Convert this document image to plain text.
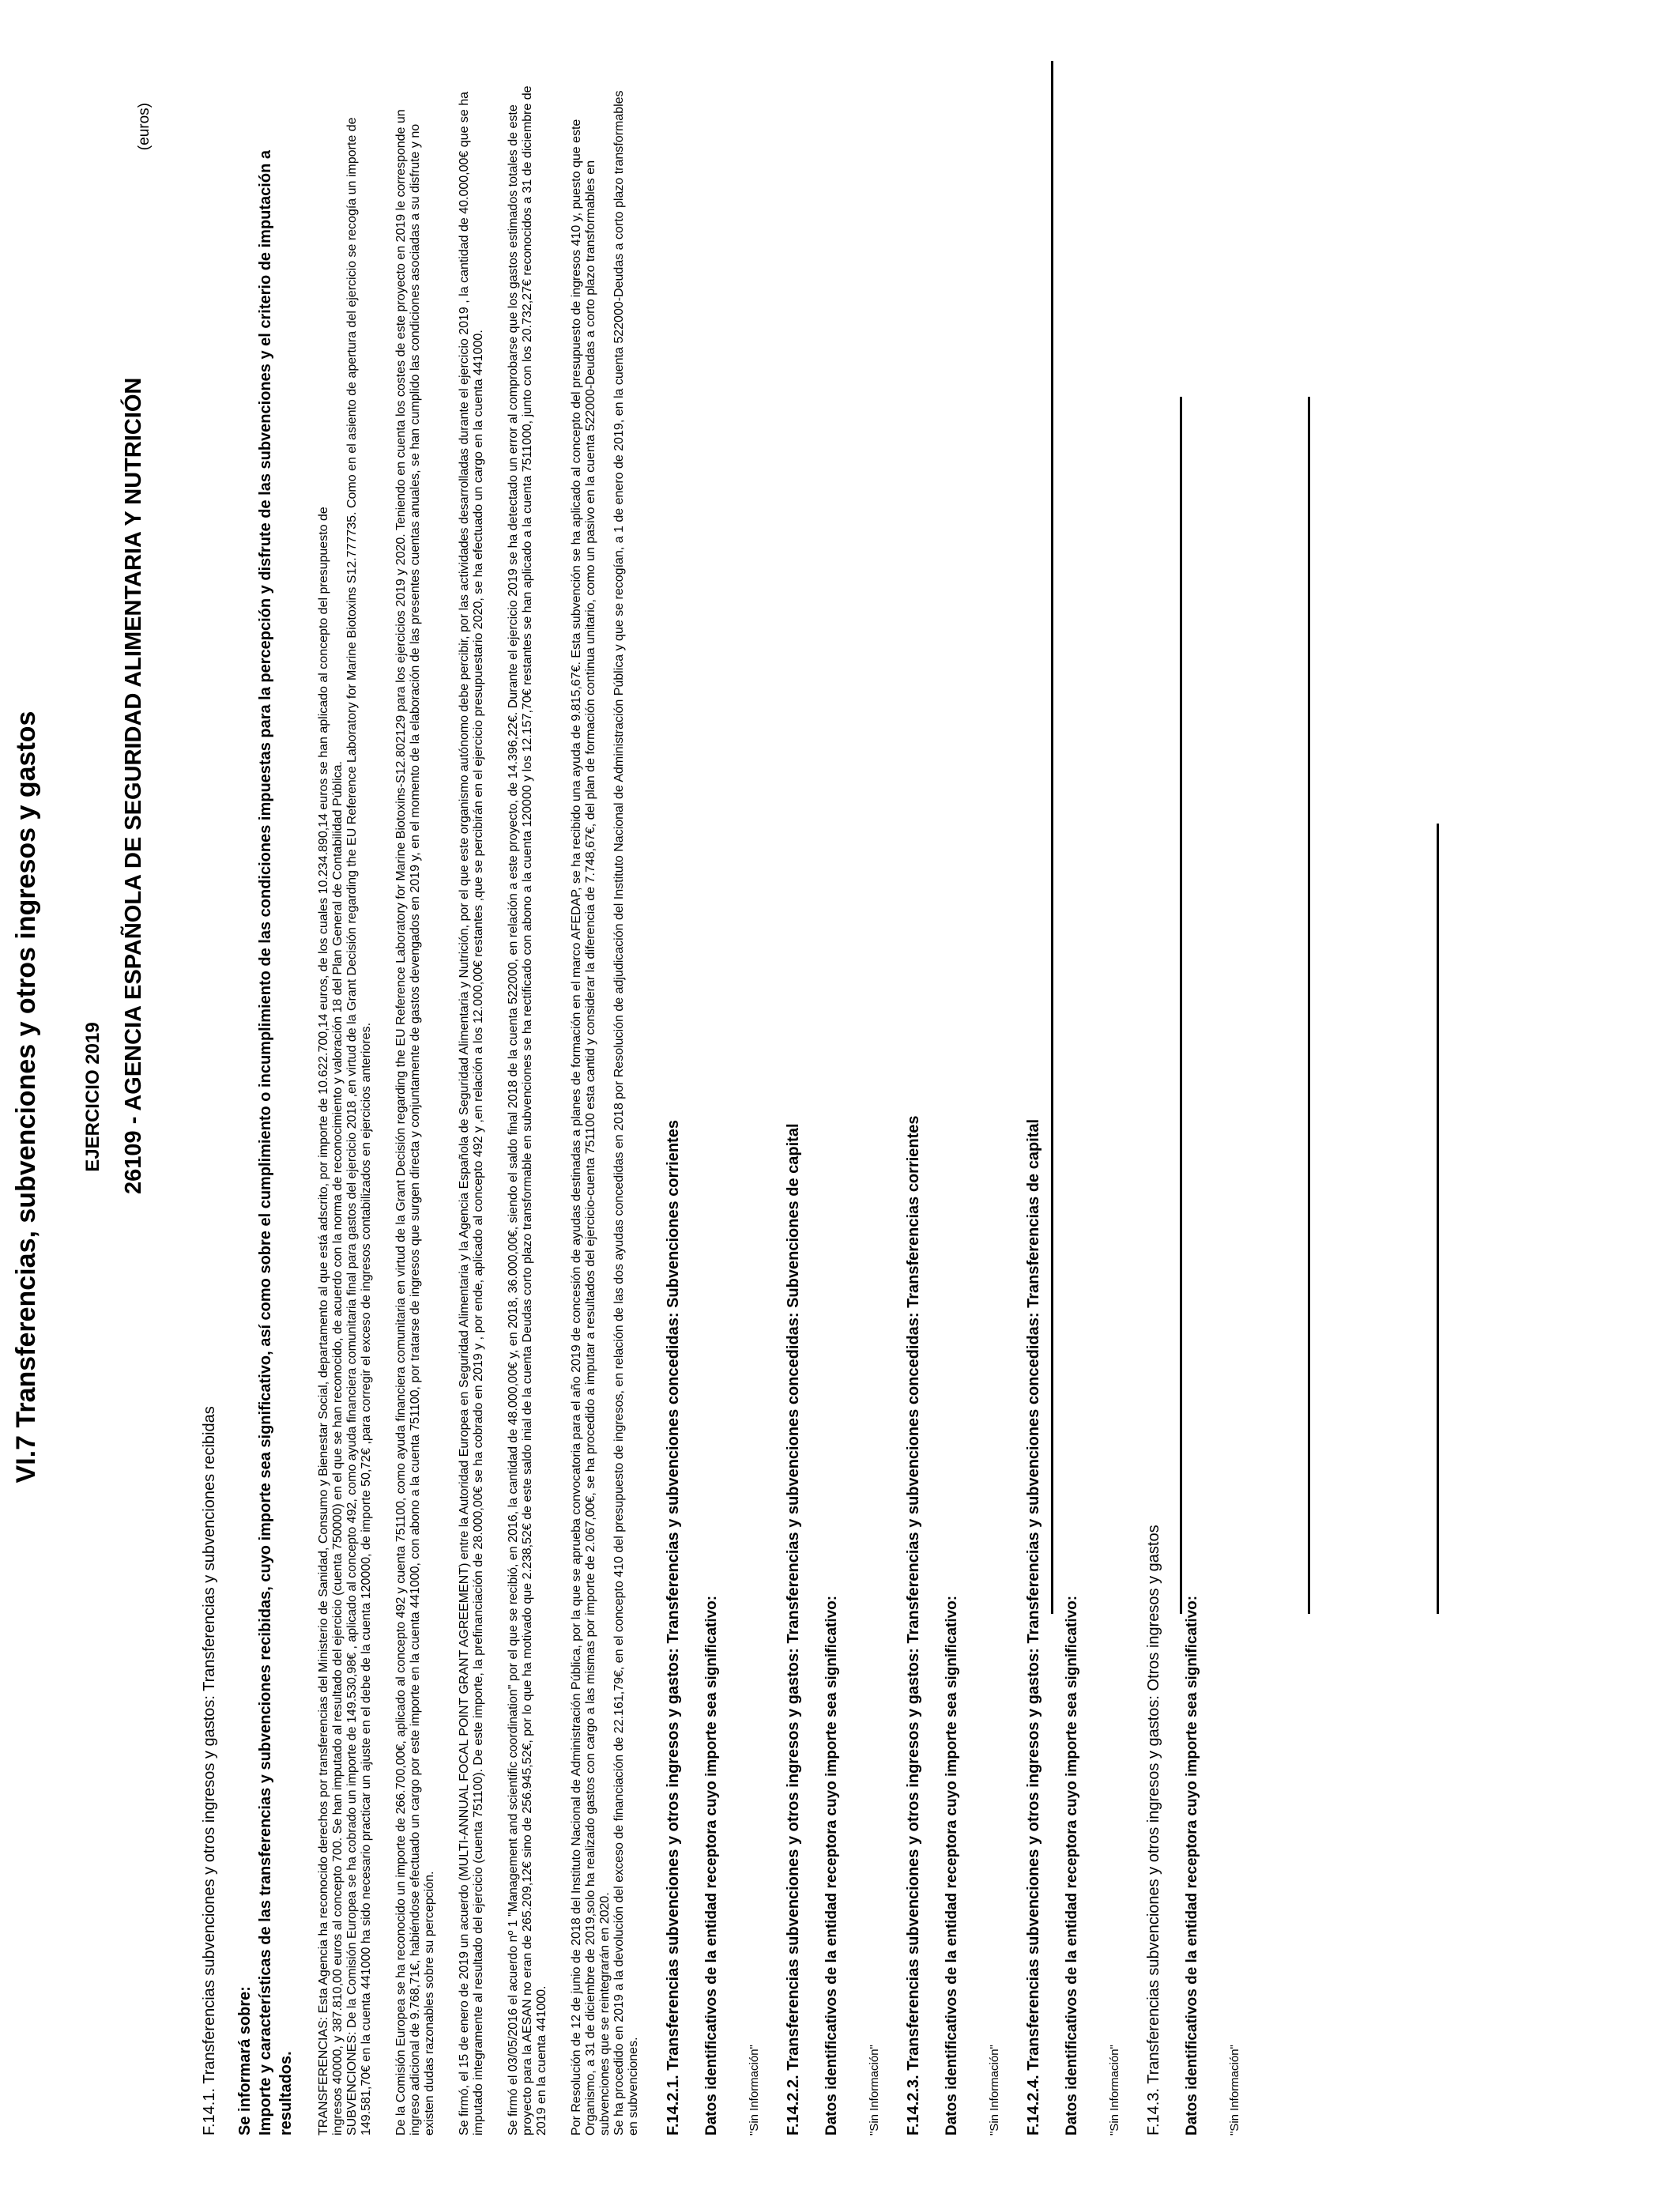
VI.7 Transferencias, subvenciones y otros ingresos y gastos EJERCICIO 2019
(euros)
26109 - AGENCIA ESPAÑOLA DE SEGURIDAD ALIMENTARIA Y NUTRICIÓN
F.14.1. Transferencias subvenciones y otros ingresos y gastos: Transferencias y subvenciones recibidas Se informará sobre: Importe y características de las transferencias y subvenciones recibidas, cuyo importe sea significativo, así como sobre el cumplimiento o incumplimiento de las condiciones impuestas para la percepción y disfrute de las subvenciones y el criterio de imputación a resultados. TRANSFERENCIAS: Esta Agencia ha reconocido derechos por transferencias del Ministerio de Sanidad, Consumo y Bienestar Social, departamento al que está adscrito, por importe de 10.622.700,14 euros, de los cuales 10.234.890,14 euros se han aplicado al concepto del presupuesto de
ingresos 40000, y 387.810,00 euros al concepto 700. Se han imputado al resultado del ejercicio (cuenta 750000) en el que se han reconocido, de acuerdo con la norma de reconocimiento y valoración 18 del Plan General de Contabilidad Pública.
SUBVENCIONES: De la Comisión Europea se ha cobrado un importe de 149.530,98€ , aplicado al concepto 492, como ayuda financiera comunitaria final para gastos del ejercicio 2018 ,en virtud de la Grant Decisión regarding the EU Reference Laboratory for Marine Biotoxins S12.777735. Como en el asiento de apertura del ejercicio se recogía un importe de 149.581,70€ en la cuenta 441000 ha sido necesario practicar un ajuste en el debe de la cuenta 120000, de importe 50,72€ ,para corregir el exceso de ingresos contabilizados en ejercicios anteriores. De la Comisión Europea se ha reconocido un importe de 266.700,00€, aplicado al concepto 492 y cuenta 751100, como ayuda financiera comunitaria en virtud de la Grant Decisión regarding the EU Reference Laboratory for Marine Biotoxins-S12.802129 para los ejercicios 2019 y 2020. Teniendo en cuenta los costes de este proyecto en 2019 le corresponde un ingreso adicional de 9.768,71€, habiéndose efectuado un cargo por este importe en la cuenta 441000, con abono a la cuenta 751100, por tratarse de ingresos que surgen directa y conjuntamente de gastos devengados en 2019 y, en el momento de la elaboración de las presentes cuentas anuales, se han cumplido las condiciones asociadas a su disfrute y no existen dudas razonables sobre su percepción. Se firmó, el 15 de enero de 2019 un acuerdo (MULTI-ANNUAL FOCAL POINT GRANT AGREEMENT) entre la Autoridad Europea en Seguridad Alimentaria y la Agencia Española de Seguridad Alimentaria y Nutrición, por el que este organismo autónomo debe percibir, por las actividades desarrolladas durante el ejercicio 2019 , la cantidad de 40.000,00€ que se ha imputado integramente al resultado del ejercicio (cuenta 751100). De este importe, la prefinanciación de 28.000,00€ se ha cobrado en 2019 y , por ende, aplicado al concepto 492 y ,en relación a los 12.000,00€ restantes ,que se percibirán en el ejercicio presupuestario 2020, se ha efectuado un cargo en la cuenta 441000. Se firmó el 03/05/2016 el acuerdo nº 1 "Management and scientific coordination" por el que se recibió, en 2016, la cantidad de 48.000,00€ y, en 2018, 36.000,00€, siendo el saldo final 2018 de la cuenta 522000, en relación a este proyecto, de 14.396,22€. Durante el ejercicio 2019 se ha detectado un error al comprobarse que los gastos estimados totales de este proyecto para la AESAN no eran de 265.209,12€ sino de 256.945,52€, por lo que ha motivado que 2.238,52€ de este saldo inial de la cuenta Deudas corto plazo transformable en subvenciones se ha rectificado con abono a la cuenta 120000 y los 12.157,70€ restantes se han aplicado a la cuenta 7511000, junto con los 20.732,27€ reconocidos a 31 de diciembre de 2019 en la cuenta 441000. Por Resolución de 12 de junio de 2018 del Instituto Nacional de Administración Pública, por la que se aprueba convocatoria para el año 2019 de concesión de ayudas destinadas a planes de formación en el marco AFEDAP, se ha recibido una ayuda de 9.815,67€. Esta subvención se ha aplicado al concepto del presupuesto de ingresos 410 y, puesto que este Organismo, a 31 de diciembre de 2019,solo ha realizado gastos con cargo a las mismas por importe de 2.067,00€, se ha procedido a imputar a resultados del ejercicio-cuenta 751100 esta cantid y considerar la diferencia de 7.748,67€, del plan de formación continua unitario, como un pasivo en la cuenta 522000-Deudas a corto plazo transformables en subvenciones que se reintegrarán en 2020.
Se ha procedido en 2019 a la devolución del exceso de financiación de 22.161,79€, en el concepto 410 del presupuesto de ingresos, en relación de las dos ayudas concedidas en 2018 por Resolución de adjudicación del Instituto Nacional de Administración Pública y que se recogían, a 1 de enero de 2019, en la cuenta 522000-Deudas a corto plazo transformables en subvenciones. F.14.2.1. Transferencias subvenciones y otros ingresos y gastos: Transferencias y subvenciones concedidas: Subvenciones corrientes Datos identificativos de la entidad receptora cuyo importe sea significativo: "Sin Información" F.14.2.2. Transferencias subvenciones y otros ingresos y gastos: Transferencias y subvenciones concedidas: Subvenciones de capital Datos identificativos de la entidad receptora cuyo importe sea significativo: "Sin Información" F.14.2.3. Transferencias subvenciones y otros ingresos y gastos: Transferencias y subvenciones concedidas: Transferencias corrientes Datos identificativos de la entidad receptora cuyo importe sea significativo: "Sin Información" F.14.2.4. Transferencias subvenciones y otros ingresos y gastos: Transferencias y subvenciones concedidas: Transferencias de capital Datos identificativos de la entidad receptora cuyo importe sea significativo: "Sin Información" F.14.3. Transferencias subvenciones y otros ingresos y gastos: Otros ingresos y gastos Datos identificativos de la entidad receptora cuyo importe sea significativo: "Sin Información"
